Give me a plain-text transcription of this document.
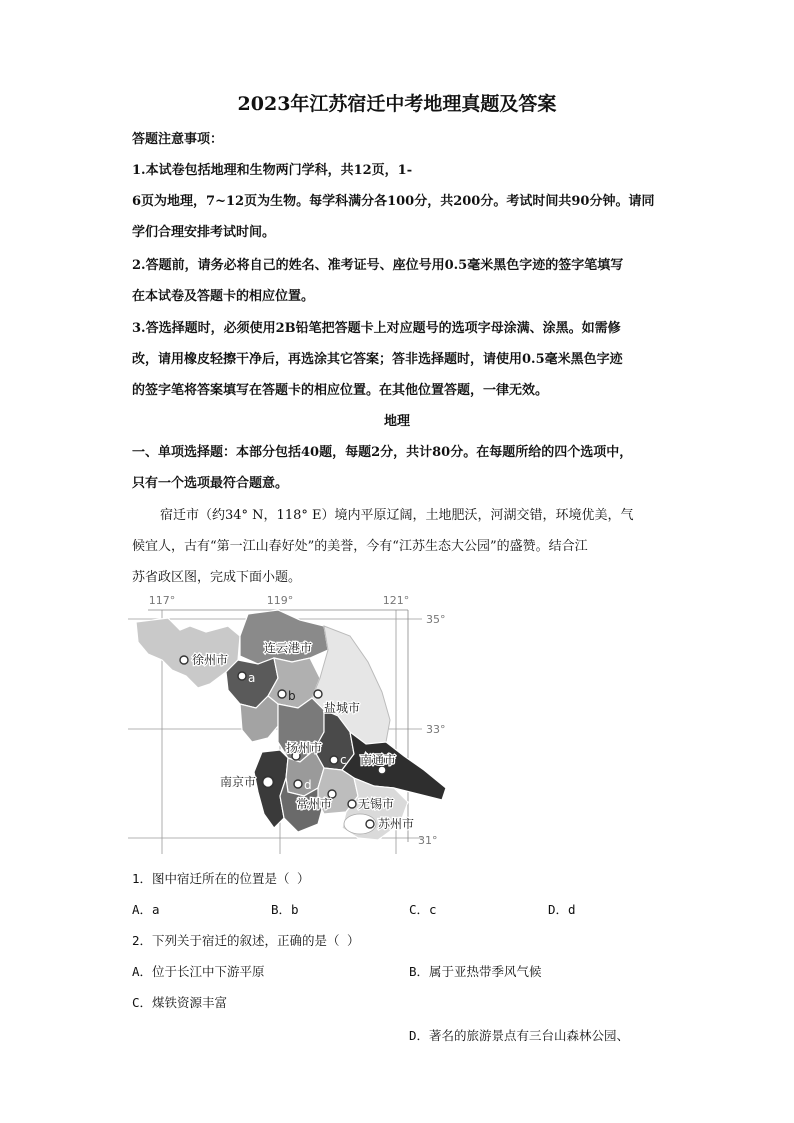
2023年江苏宿迁中考地理真题及答案
答题注意事项：
1.本试卷包括地理和生物两门学科，共12页，1-
6页为地理，7~12页为生物。每学科满分各100分，共200分。考试时间共90分钟。请同
学们合理安排考试时间。
2.答题前，请务必将自己的姓名、准考证号、座位号用0.5毫米黑色字迹的签字笔填写
在本试卷及答题卡的相应位置。
3.答选择题时，必须使用2B铅笔把答题卡上对应题号的选项字母涂满、涂黑。如需修
改，请用橡皮轻擦干净后，再选涂其它答案；答非选择题时，请使用0.5毫米黑色字迹
的签字笔将答案填写在答题卡的相应位置。在其他位置答题，一律无效。
地理
一、单项选择题：本部分包括40题，每题2分，共计80分。在每题所给的四个选项中，
只有一个选项最符合题意。
宿迁市（约34° N，118° E）境内平原辽阔，土地肥沃，河湖交错，环境优美，气
候宜人，古有“第一江山春好处”的美誉，今有“江苏生态大公园”的盛赞。结合江
苏省政区图，完成下面小题。
117°	119°	121°
35°
33°
31°
徐州市
连云港市
盐城市
扬州市
南通市
南京市
常州市 无锡市
苏州市
a
b
c
d
1．图中宿迁所在的位置是（ ）
A．a	B．b	C．c	D．d
2．下列关于宿迁的叙述，正确的是（ ）
A．位于长江中下游平原	B．属于亚热带季风气候
C．煤铁资源丰富
D．著名的旅游景点有三台山森林公园、
